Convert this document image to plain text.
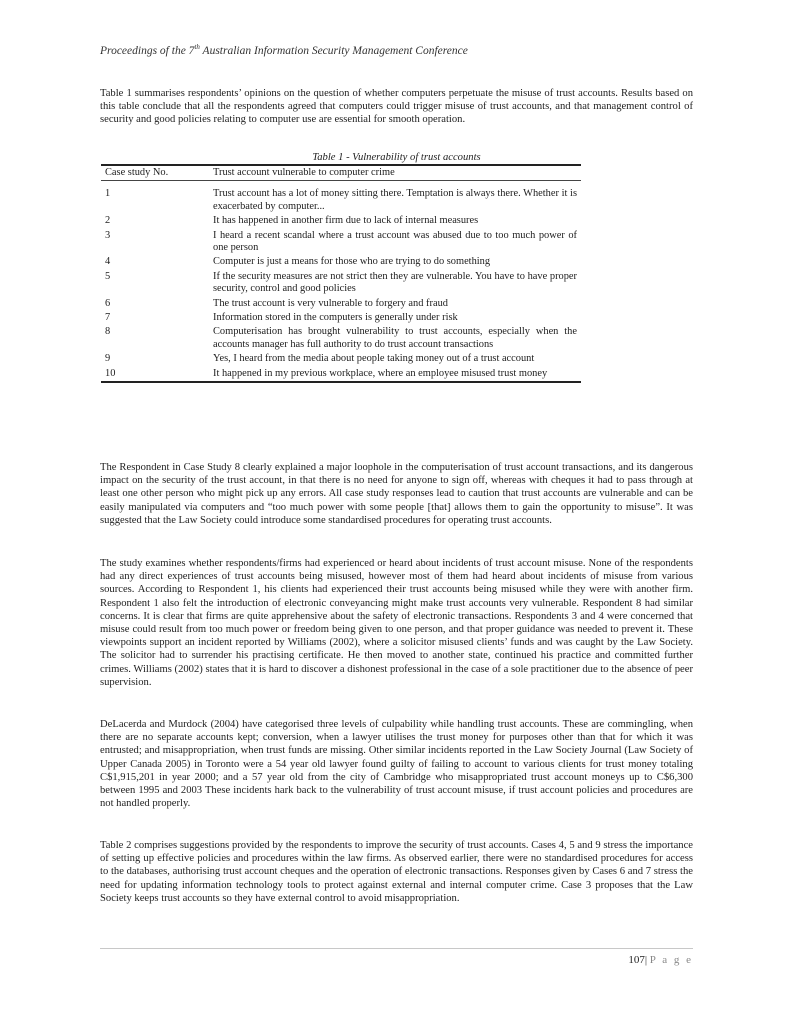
Proceedings of the 7th Australian Information Security Management Conference

Table 1 summarises respondents’ opinions on the question of whether computers perpetuate the misuse of trust accounts. Results based on this table conclude that all the respondents agreed that computers could trigger misuse of trust accounts, and that management control of security and good policies relating to computer use are essential for smooth operation.

Table 1 - Vulnerability of trust accounts
Case study No.	Trust account vulnerable to computer crime
1	Trust account has a lot of money sitting there. Temptation is always there. Whether it is exacerbated by computer...
2	It has happened in another firm due to lack of internal measures
3	I heard a recent scandal where a trust account was abused due to too much power of one person
4	Computer is just a means for those who are trying to do something
5	If the security measures are not strict then they are vulnerable. You have to have proper security, control and good policies
6	The trust account is very vulnerable to forgery and fraud
7	Information stored in the computers is generally under risk
8	Computerisation has brought vulnerability to trust accounts, especially when the accounts manager has full authority to do trust account transactions
9	Yes, I heard from the media about people taking money out of a trust account
10	It happened in my previous workplace, where an employee misused trust money

The Respondent in Case Study 8 clearly explained a major loophole in the computerisation of trust account transactions, and its dangerous impact on the security of the trust account, in that there is no need for anyone to sign off, whereas with cheques it had to pass through at least one other person who might pick up any errors. All case study responses lead to caution that trust accounts are vulnerable and can be easily manipulated via computers and “too much power with some people [that] allows them to gain the opportunity to misuse”. It was suggested that the Law Society could introduce some standardised procedures for operating trust accounts.

The study examines whether respondents/firms had experienced or heard about incidents of trust account misuse. None of the respondents had any direct experiences of trust accounts being misused, however most of them had heard about incidents of misuse from various sources. According to Respondent 1, his clients had experienced their trust accounts being misused while they were with another firm. Respondent 1 also felt the introduction of electronic conveyancing might make trust accounts very vulnerable. Respondent 8 had similar concerns. It is clear that firms are quite apprehensive about the safety of electronic transactions. Respondents 3 and 4 were concerned that misuse could result from too much power or freedom being given to one person, and that proper guidance was needed to prevent it. These viewpoints support an incident reported by Williams (2002), where a solicitor misused clients’ funds and was caught by the Law Society. The solicitor had to surrender his practising certificate. He then moved to another state, continued his practice and committed further crimes. Williams (2002) states that it is hard to discover a dishonest professional in the case of a sole practitioner due to the absence of peer supervision.

DeLacerda and Murdock (2004) have categorised three levels of culpability while handling trust accounts. These are commingling, when there are no separate accounts kept; conversion, when a lawyer utilises the trust money for purposes other than that for which it was entrusted; and misappropriation, when trust funds are missing. Other similar incidents reported in the Law Society Journal (Law Society of Upper Canada 2005) in Toronto were a 54 year old lawyer found guilty of failing to account to various clients for trust money totaling C$1,915,201 in year 2000; and a 57 year old from the city of Cambridge who misappropriated trust account moneys up to C$6,300 between 1995 and 2003 These incidents hark back to the vulnerability of trust account misuse, if trust account policies and procedures are not handled properly.

Table 2 comprises suggestions provided by the respondents to improve the security of trust accounts. Cases 4, 5 and 9 stress the importance of setting up effective policies and procedures within the law firms. As observed earlier, there were no standardised procedures for access to the databases, authorising trust account cheques and the operation of electronic transactions. Responses given by Cases 6 and 7 stress the need for updating information technology tools to protect against external and internal computer crime. Case 3 proposes that the Law Society keeps trust accounts so they have external control to avoid misappropriation.

107| P a g e
